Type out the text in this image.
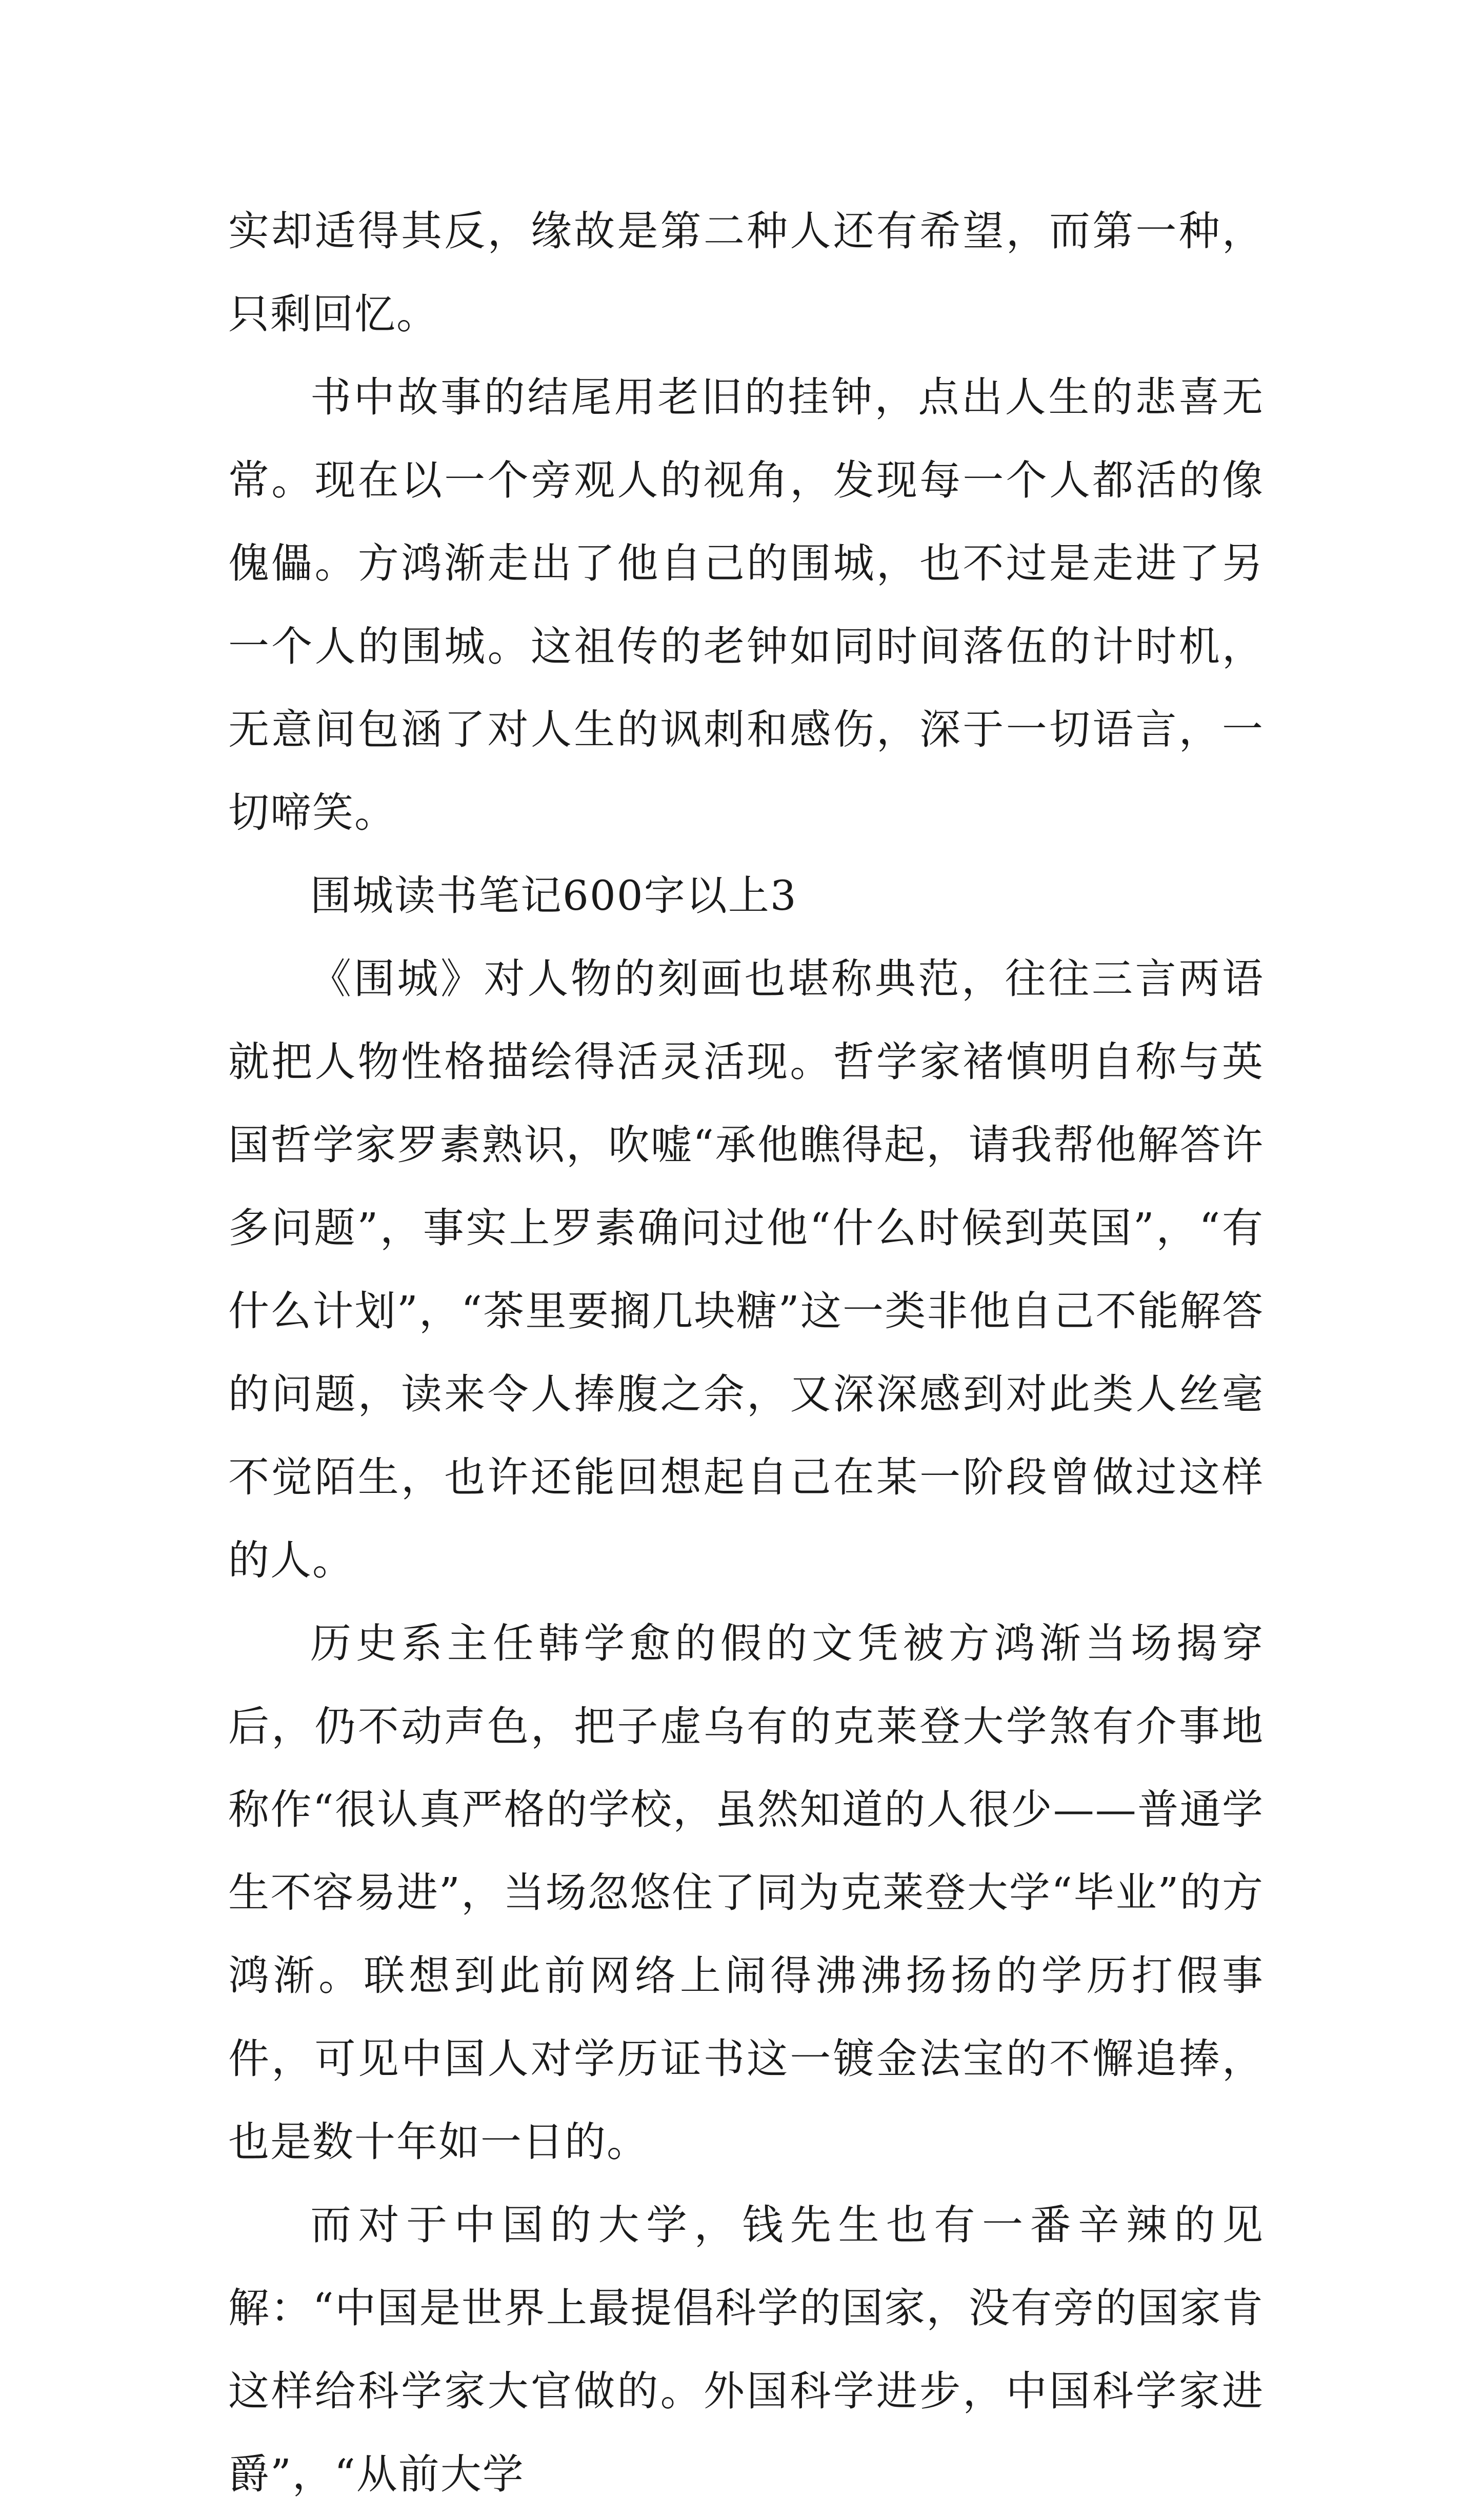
实却适得其反，缘故是第二种人还有希望，而第一种，只剩回忆。

书中故事的结尾用老旧的挂钟，点出人生的悲喜无常。现在以一个旁观人的视角，发现每一个人都活的像傀儡。方鸿渐走出了他自己的围城，也不过是走进了另一个人的围城。这祖传的老钟如同时间落伍的计时机，无意间包涵了对人生的讽刺和感伤，深于一切语言，一切啼笑。

围城读书笔记600字以上3

《围城》对人物的刻画也堪称典范，往往三言两语就把人物性格描绘得活灵活现。哲学家褚慎明自称与英国哲学家罗素熟识，吹嘘“承他瞧得起，请我帮他解答许多问题”，事实上罗素确问过他“什么时候到英国”，“有什么计划”，“茶里要搁几块糖”这一类非他自己不能解答的问题，读来令人捧腹之余，又深深感到对此类人丝毫不觉陌生，也许还能回想起自己在某一阶段曾做过这样的人。

历史系主任韩学愈的假的文凭被方鸿渐当场揭穿后，仍不动声色，把子虚乌有的克莱登大学煞有介事地称作“很认真严格的学校，虽然知道的人很少——普通学生不容易进”，当场忽悠住了同为克莱登大学“毕业”的方鸿渐。联想到此前网络上闹得沸沸扬扬的学历打假事件，可见中国人对学历证书这一镀金法宝的不懈追捧，也是数十年如一日的。

而对于中国的大学，钱先生也有一番辛辣的见解：“中国是世界上最提倡科学的国家，没有旁的国家肯这样给科学家大官做的。外国科学进步，中国科学家进爵”，“从前大学
